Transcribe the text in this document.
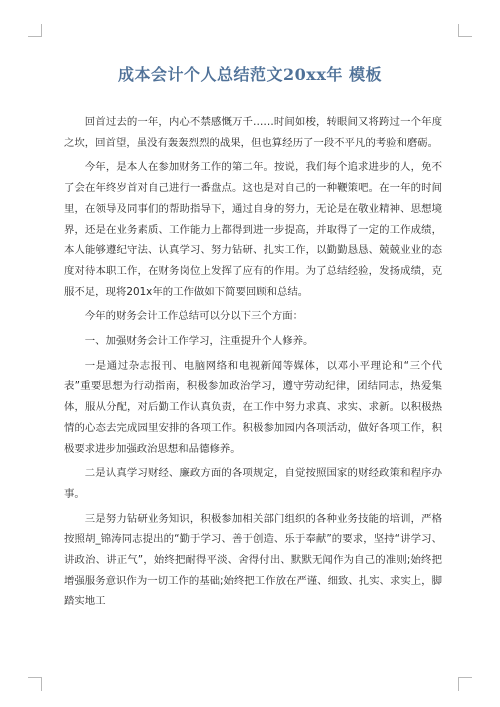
成本会计个人总结范文20xx年 模板

回首过去的一年，内心不禁感慨万千……时间如梭，转眼间又将跨过一个年度之坎，回首望，虽没有轰轰烈烈的战果，但也算经历了一段不平凡的考验和磨砺。

今年，是本人在参加财务工作的第二年。按说，我们每个追求进步的人，免不了会在年终岁首对自己进行一番盘点。这也是对自己的一种鞭策吧。在一年的时间里，在领导及同事们的帮助指导下，通过自身的努力，无论是在敬业精神、思想境界，还是在业务素质、工作能力上都得到进一步提高，并取得了一定的工作成绩，本人能够遵纪守法、认真学习、努力钻研、扎实工作，以勤勤恳恳、兢兢业业的态度对待本职工作，在财务岗位上发挥了应有的作用。为了总结经验，发扬成绩，克服不足，现将201x年的工作做如下简要回顾和总结。

今年的财务会计工作总结可以分以下三个方面：

一、加强财务会计工作学习，注重提升个人修养。

一是通过杂志报刊、电脑网络和电视新闻等媒体，以邓小平理论和“三个代表”重要思想为行动指南，积极参加政治学习，遵守劳动纪律，团结同志，热爱集体，服从分配，对后勤工作认真负责，在工作中努力求真、求实、求新。以积极热情的心态去完成园里安排的各项工作。积极参加园内各项活动，做好各项工作，积极要求进步加强政治思想和品德修养。

二是认真学习财经、廉政方面的各项规定，自觉按照国家的财经政策和程序办事。

三是努力钻研业务知识，积极参加相关部门组织的各种业务技能的培训，严格按照胡_锦涛同志提出的“勤于学习、善于创造、乐于奉献”的要求，坚持“讲学习、讲政治、讲正气”，始终把耐得平淡、舍得付出、默默无闻作为自己的准则;始终把增强服务意识作为一切工作的基础;始终把工作放在严谨、细致、扎实、求实上，脚踏实地工
